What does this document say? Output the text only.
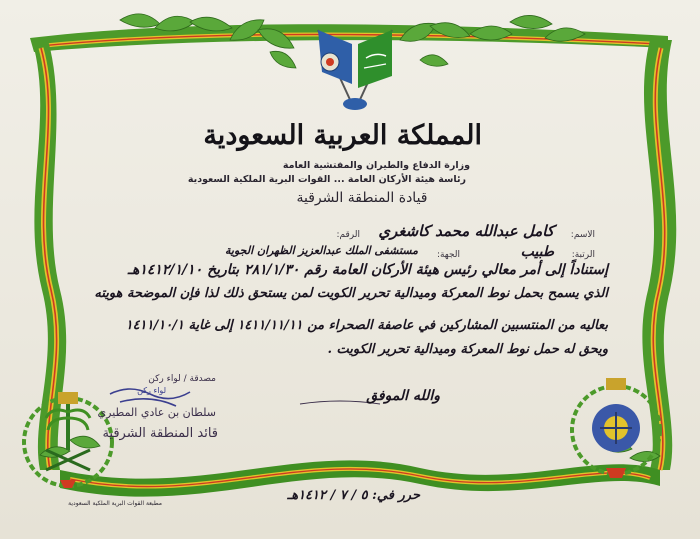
المملكة العربية السعودية
وزارة الدفاع والطيران والمفتشية العامة
رئاسة هيئة الأركان العامة ... القوات البرية الملكية السعودية
قيادة المنطقة الشرقية
الاسم:
كامل عبدالله محمد كاشغري
الرقم:
الرتبة:
طبيب
الجهة:
مستشفى الملك عبدالعزيز الظهران الجوية
إستناداً إلى أمر معالي رئيس هيئة الأركان العامة رقم ٢٨١/١/٣٠ بتاريخ ١٤١٢/١/١٠هـ
الذي يسمح بحمل نوط المعركة وميدالية تحرير الكويت لمن يستحق ذلك لذا فإن الموضحة هويته
بعاليه من المنتسبين المشاركين في عاصفة الصحراء من ١٤١١/١١/١١ إلى غاية ١٤١١/١٠/١
ويحق له حمل نوط المعركة وميدالية تحرير الكويت .
والله الموفق
مصدقة / لواء ركن
لواء ركن
سلطان بن عادي المطيري
قائد المنطقة الشرقية
حرر في: ٥ / ٧ / ١٤١٢هـ
مطبعة القوات البرية الملكية السعودية
